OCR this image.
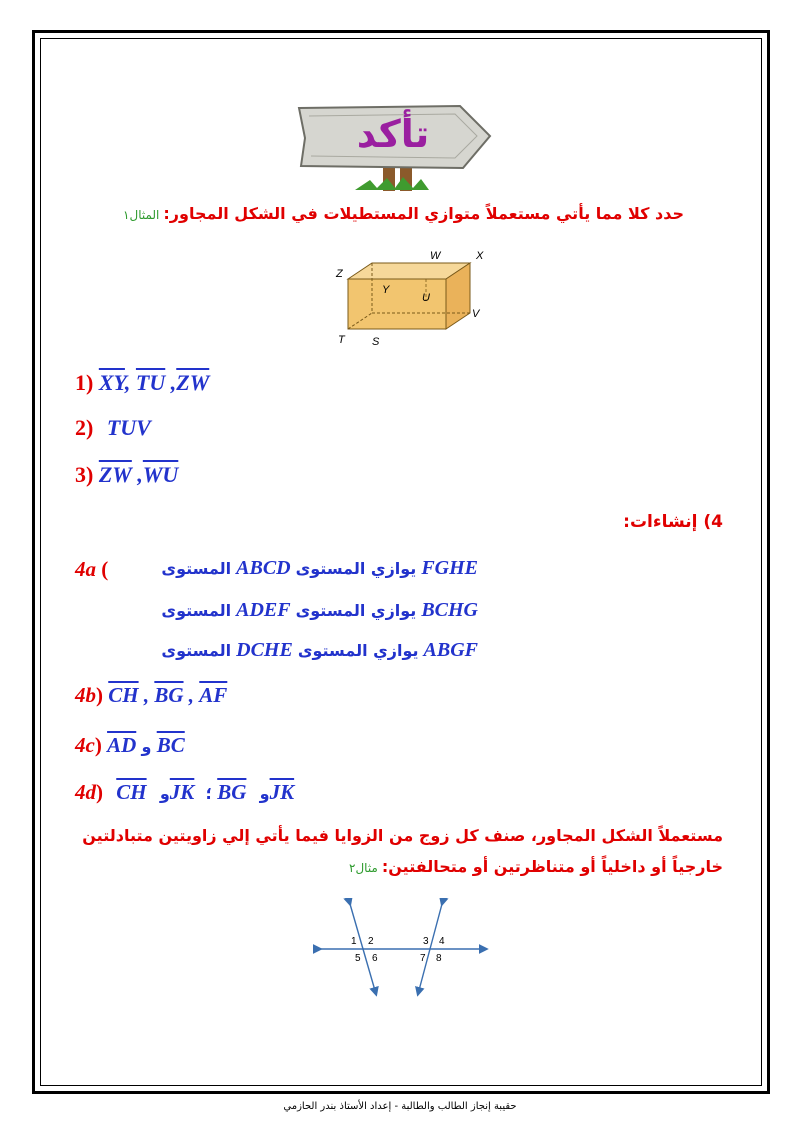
تأكد
حدد كلا مما يأتي مستعملاً متوازي المستطيلات في الشكل المجاور: المثال١
W	X
Z
Y
U
V
T S
1) $\overline{XY}$, $\overline{TU}$ $,\overline{ZW}$
2) TUV
3) $\overline{ZW}$ $,\overline{WU}$
4) إنشاءات:
4a (	FGHE يوازي المستوى ABCD المستوى
BCHG يوازي المستوى ADEF المستوى
ABGF يوازي المستوى DCHE المستوى
4b) $\overline{CH}$ , $\overline{BG}$ , $\overline{AF}$
4c) $\overline{AD}$ و $\overline{BC}$
4d) $\overline{CH}$ $و\overline{JK}$ ؛ $\overline{BG}$ $و\overline{JK}$
مستعملاً الشكل المجاور، صنف كل زوج من الزوايا فيما يأتي إلي زاويتين متبادلتين
خارجياً أو داخلياً أو متناظرتين أو متحالفتين: مثال٢
1 2	3 4
5 6	7 8
حقيبة إنجاز الطالب والطالبة - إعداد الأستاذ بندر الحازمي
